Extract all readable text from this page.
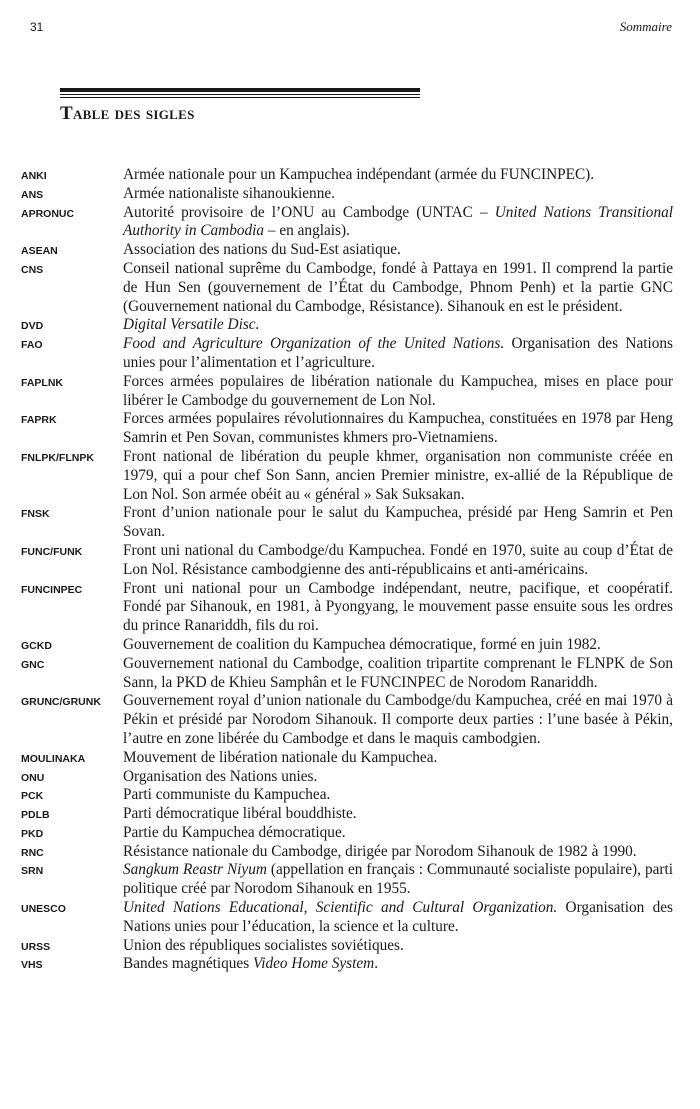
31	Sommaire
Table des sigles
ANKI	Armée nationale pour un Kampuchea indépendant (armée du FUNCINPEC).
ANS	Armée nationaliste sihanoukienne.
APRONUC	Autorité provisoire de l’ONU au Cambodge (UNTAC – United Nations Transitional Authority in Cambodia – en anglais).
ASEAN	Association des nations du Sud-Est asiatique.
CNS	Conseil national suprême du Cambodge, fondé à Pattaya en 1991. Il comprend la partie de Hun Sen (gouvernement de l’État du Cambodge, Phnom Penh) et la partie GNC (Gouvernement national du Cambodge, Résistance). Sihanouk en est le président.
DVD	Digital Versatile Disc.
FAO	Food and Agriculture Organization of the United Nations. Organisation des Nations unies pour l’alimentation et l’agriculture.
FAPLNK	Forces armées populaires de libération nationale du Kampuchea, mises en place pour libérer le Cambodge du gouvernement de Lon Nol.
FAPRK	Forces armées populaires révolutionnaires du Kampuchea, constituées en 1978 par Heng Samrin et Pen Sovan, communistes khmers pro-Vietnamiens.
FNLPK/FLNPK	Front national de libération du peuple khmer, organisation non communiste créée en 1979, qui a pour chef Son Sann, ancien Premier ministre, ex-allié de la République de Lon Nol. Son armée obéit au « général » Sak Suksakan.
FNSK	Front d’union nationale pour le salut du Kampuchea, présidé par Heng Samrin et Pen Sovan.
FUNC/FUNK	Front uni national du Cambodge/du Kampuchea. Fondé en 1970, suite au coup d’État de Lon Nol. Résistance cambodgienne des anti-républicains et anti-américains.
FUNCINPEC	Front uni national pour un Cambodge indépendant, neutre, pacifique, et coopératif. Fondé par Sihanouk, en 1981, à Pyongyang, le mouvement passe ensuite sous les ordres du prince Ranariddh, fils du roi.
GCKD	Gouvernement de coalition du Kampuchea démocratique, formé en juin 1982.
GNC	Gouvernement national du Cambodge, coalition tripartite comprenant le FLNPK de Son Sann, la PKD de Khieu Samphân et le FUNCINPEC de Norodom Ranariddh.
GRUNC/GRUNK	Gouvernement royal d’union nationale du Cambodge/du Kampuchea, créé en mai 1970 à Pékin et présidé par Norodom Sihanouk. Il comporte deux parties : l’une basée à Pékin, l’autre en zone libérée du Cambodge et dans le maquis cambodgien.
MOULINAKA	Mouvement de libération nationale du Kampuchea.
ONU	Organisation des Nations unies.
PCK	Parti communiste du Kampuchea.
PDLB	Parti démocratique libéral bouddhiste.
PKD	Partie du Kampuchea démocratique.
RNC	Résistance nationale du Cambodge, dirigée par Norodom Sihanouk de 1982 à 1990.
SRN	Sangkum Reastr Niyum (appellation en français : Communauté socialiste populaire), parti politique créé par Norodom Sihanouk en 1955.
UNESCO	United Nations Educational, Scientific and Cultural Organization. Organisation des Nations unies pour l’éducation, la science et la culture.
URSS	Union des républiques socialistes soviétiques.
VHS	Bandes magnétiques Video Home System.
